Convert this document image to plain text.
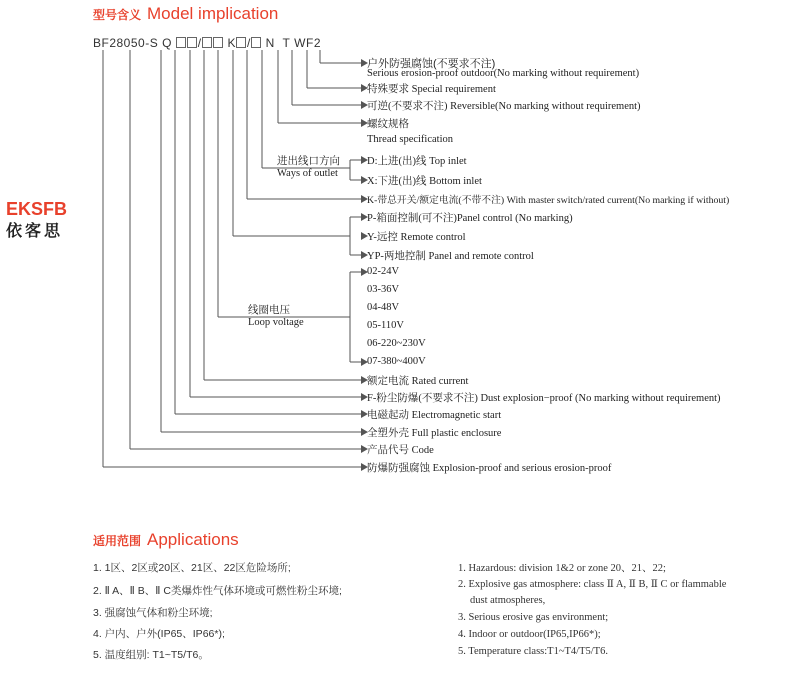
型号含义 Model implication
EKSFB
依客思
BF28050-S Q / K / N T WF2
户外防强腐蚀(不要求不注)
Serious erosion-proof outdoor(No marking without requirement)
特殊要求 Special requirement
可逆(不要求不注) Reversible(No marking without requirement)
螺纹规格
Thread specification
进出线口方向
Ways of outlet
D:上进(出)线 Top inlet
X:下进(出)线 Bottom inlet
K-带总开关/额定电流(不带不注) With master switch/rated current(No marking if without)
P-箱面控制(可不注)Panel control (No marking)
Y-远控 Remote control
YP-两地控制 Panel and remote control
线圈电压
Loop voltage
02-24V
03-36V
04-48V
05-110V
06-220~230V
07-380~400V
额定电流 Rated current
F-粉尘防爆(不要求不注) Dust explosion−proof (No marking without requirement)
电磁起动 Electromagnetic start
全塑外壳 Full plastic enclosure
产品代号 Code
防爆防强腐蚀 Explosion-proof and serious erosion-proof
适用范围 Applications
1. 1区、2区或20区、21区、22区危险场所;
2. Ⅱ A、Ⅱ B、Ⅱ C类爆炸性气体环境或可燃性粉尘环境;
3. 强腐蚀气体和粉尘环境;
4. 户内、户外(IP65、IP66*);
5. 温度组别: T1~T5/T6。
1. Hazardous: division 1&2 or zone 20、21、22;
2. Explosive gas atmosphere: class Ⅱ A, Ⅱ B, Ⅱ C or flammable
dust atmospheres,
3. Serious erosive gas environment;
4. Indoor or outdoor(IP65,IP66*);
5. Temperature class:T1~T4/T5/T6.
